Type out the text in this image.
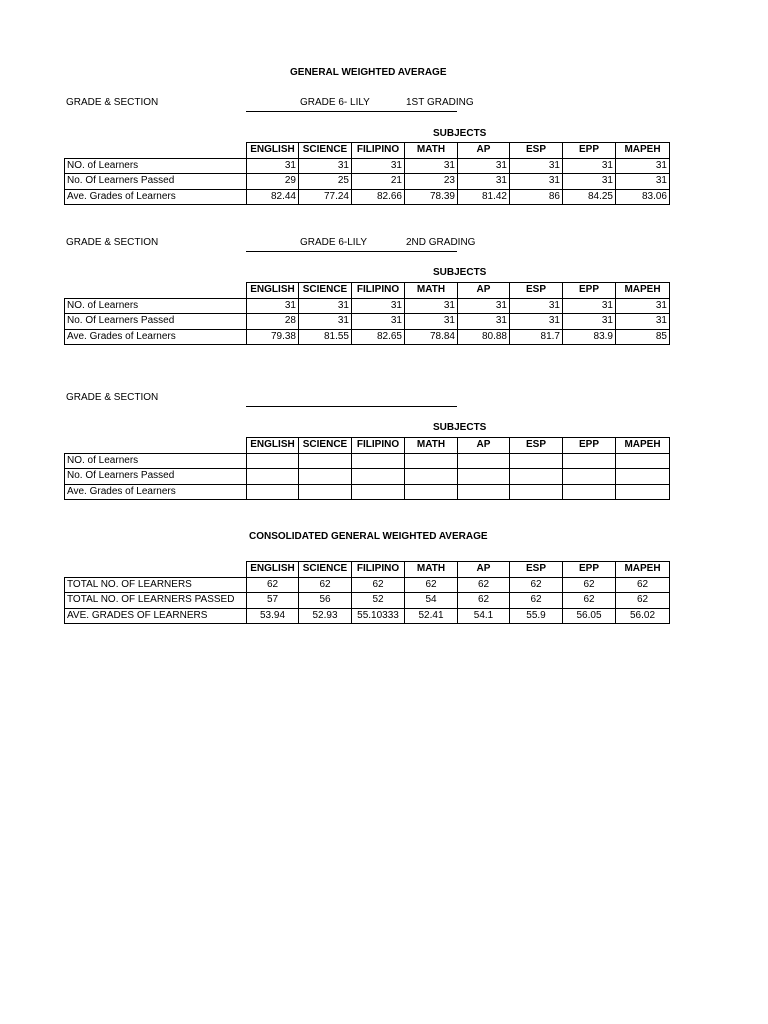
GENERAL WEIGHTED AVERAGE
GRADE & SECTION	GRADE 6- LILY	1ST GRADING
SUBJECTS
	ENGLISH	SCIENCE	FILIPINO	MATH	AP	ESP	EPP	MAPEH
NO. of Learners	31	31	31	31	31	31	31	31
No. Of Learners Passed	29	25	21	23	31	31	31	31
Ave. Grades of Learners	82.44	77.24	82.66	78.39	81.42	86	84.25	83.06
GRADE & SECTION	GRADE 6-LILY	2ND GRADING
SUBJECTS
	ENGLISH	SCIENCE	FILIPINO	MATH	AP	ESP	EPP	MAPEH
NO. of Learners	31	31	31	31	31	31	31	31
No. Of Learners Passed	28	31	31	31	31	31	31	31
Ave. Grades of Learners	79.38	81.55	82.65	78.84	80.88	81.7	83.9	85
GRADE & SECTION
SUBJECTS
	ENGLISH	SCIENCE	FILIPINO	MATH	AP	ESP	EPP	MAPEH
NO. of Learners								
No. Of Learners Passed								
Ave. Grades of Learners								
CONSOLIDATED GENERAL WEIGHTED AVERAGE
	ENGLISH	SCIENCE	FILIPINO	MATH	AP	ESP	EPP	MAPEH
TOTAL NO. OF LEARNERS	62	62	62	62	62	62	62	62
TOTAL NO. OF LEARNERS PASSED	57	56	52	54	62	62	62	62
AVE. GRADES OF LEARNERS	53.94	52.93	55.10333	52.41	54.1	55.9	56.05	56.02
